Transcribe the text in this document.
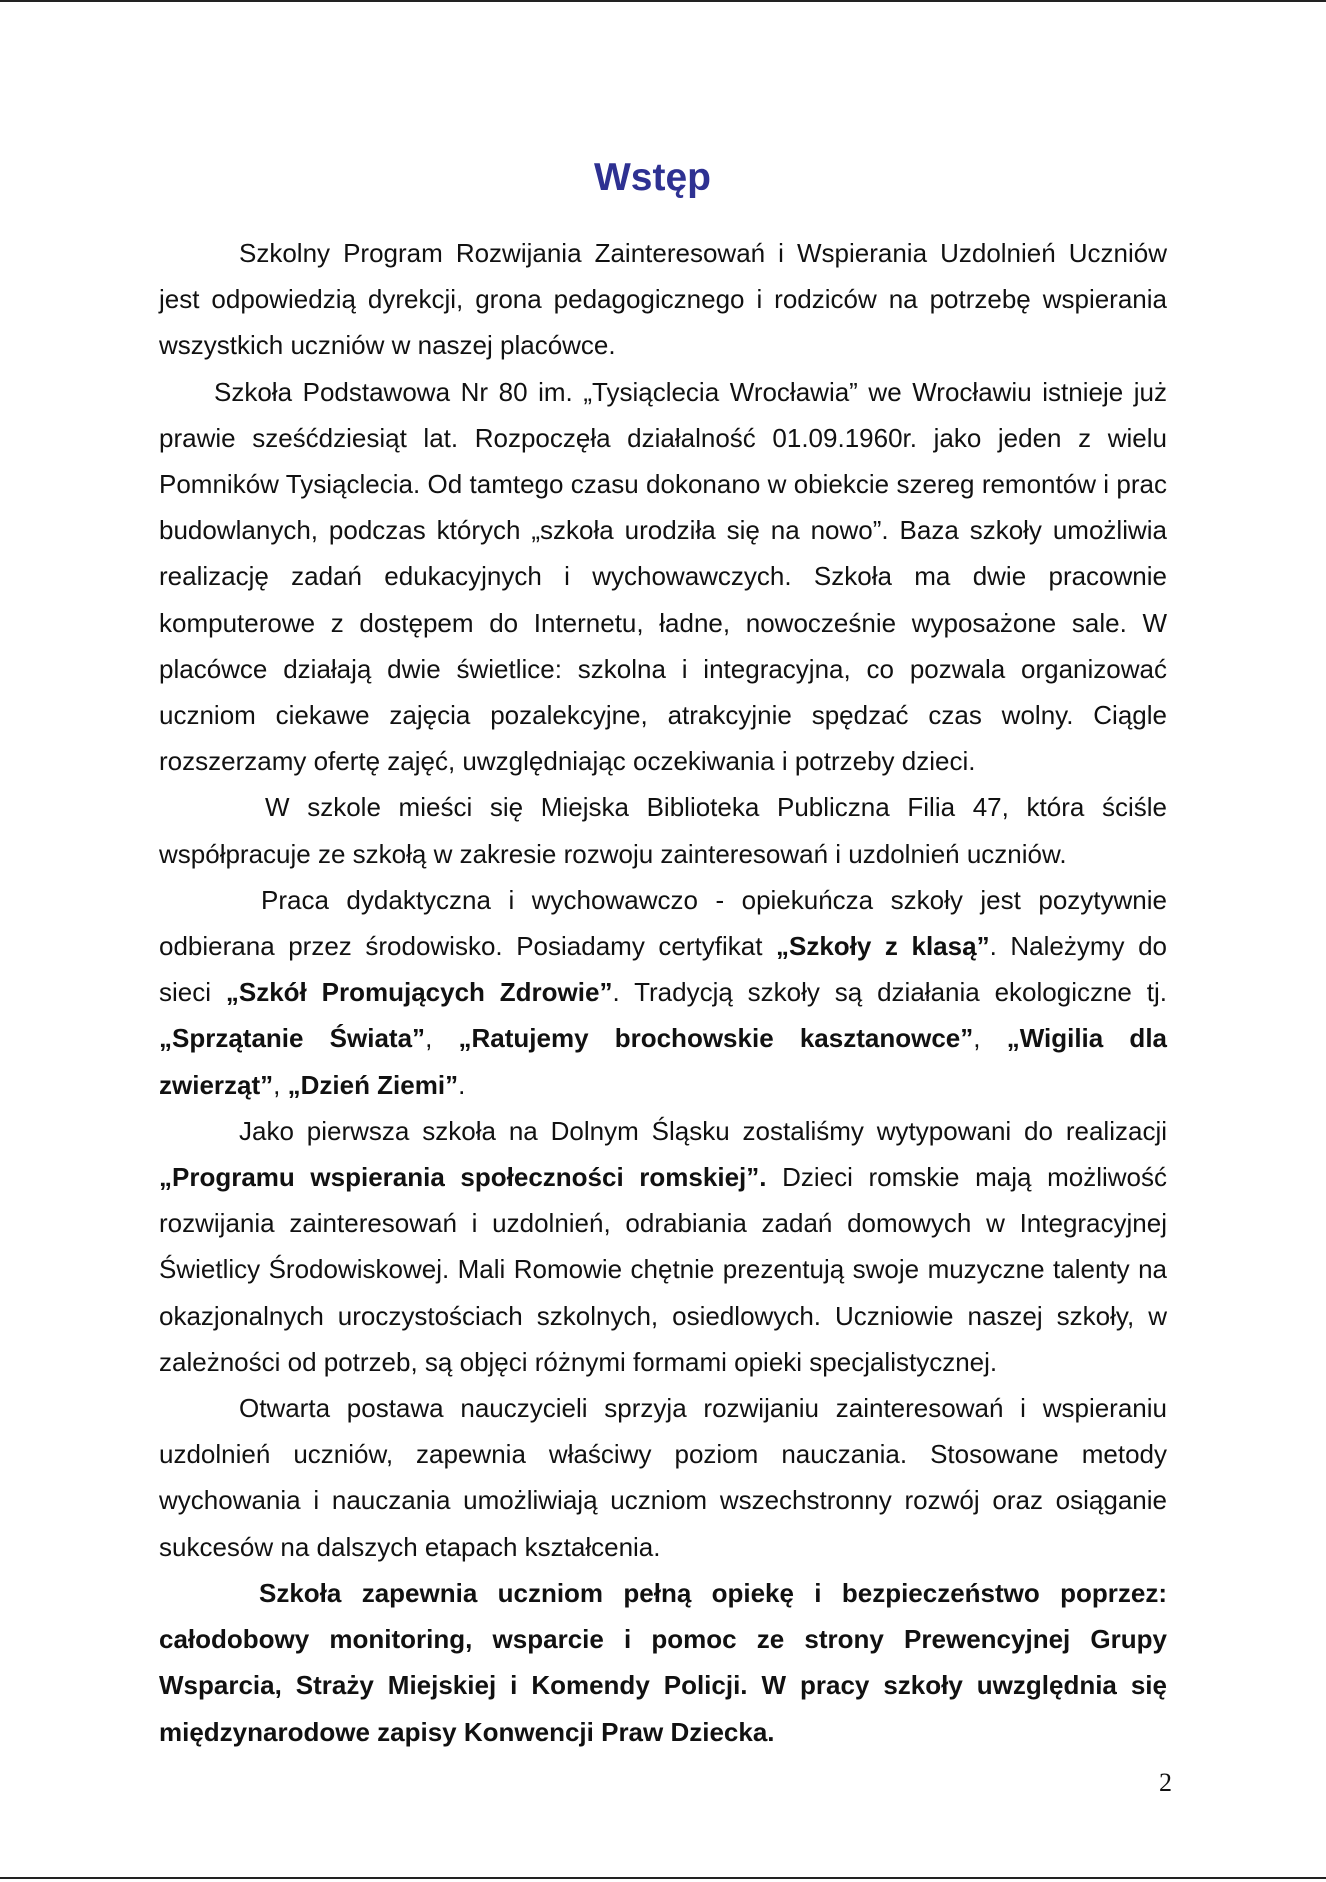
Wstęp

Szkolny Program Rozwijania Zainteresowań i Wspierania Uzdolnień Uczniów jest odpowiedzią dyrekcji, grona pedagogicznego i rodziców na potrzebę wspierania wszystkich uczniów w naszej placówce.

Szkoła Podstawowa Nr 80 im. „Tysiąclecia Wrocławia” we Wrocławiu istnieje już prawie sześćdziesiąt lat. Rozpoczęła działalność 01.09.1960r. jako jeden z wielu Pomników Tysiąclecia. Od tamtego czasu dokonano w obiekcie szereg remontów i prac budowlanych, podczas których „szkoła urodziła się na nowo”. Baza szkoły umożliwia realizację zadań edukacyjnych i wychowawczych. Szkoła ma dwie pracownie komputerowe z dostępem do Internetu, ładne, nowocześnie wyposażone sale. W placówce działają dwie świetlice: szkolna i integracyjna, co pozwala organizować uczniom ciekawe zajęcia pozalekcyjne, atrakcyjnie spędzać czas wolny. Ciągle rozszerzamy ofertę zajęć, uwzględniając oczekiwania i potrzeby dzieci.

W szkole mieści się Miejska Biblioteka Publiczna Filia 47, która ściśle współpracuje ze szkołą w zakresie rozwoju zainteresowań i uzdolnień uczniów.

Praca dydaktyczna i wychowawczo - opiekuńcza szkoły jest pozytywnie odbierana przez środowisko. Posiadamy certyfikat „Szkoły z klasą”. Należymy do sieci „Szkół Promujących Zdrowie”. Tradycją szkoły są działania ekologiczne tj. „Sprzątanie Świata”, „Ratujemy brochowskie kasztanowce”, „Wigilia dla zwierząt”, „Dzień Ziemi”.

Jako pierwsza szkoła na Dolnym Śląsku zostaliśmy wytypowani do realizacji „Programu wspierania społeczności romskiej”. Dzieci romskie mają możliwość rozwijania zainteresowań i uzdolnień, odrabiania zadań domowych w Integracyjnej Świetlicy Środowiskowej. Mali Romowie chętnie prezentują swoje muzyczne talenty na okazjonalnych uroczystościach szkolnych, osiedlowych. Uczniowie naszej szkoły, w zależności od potrzeb, są objęci różnymi formami opieki specjalistycznej.

Otwarta postawa nauczycieli sprzyja rozwijaniu zainteresowań i wspieraniu uzdolnień uczniów, zapewnia właściwy poziom nauczania. Stosowane metody wychowania i nauczania umożliwiają uczniom wszechstronny rozwój oraz osiąganie sukcesów na dalszych etapach kształcenia.

Szkoła zapewnia uczniom pełną opiekę i bezpieczeństwo poprzez: całodobowy monitoring, wsparcie i pomoc ze strony Prewencyjnej Grupy Wsparcia, Straży Miejskiej i Komendy Policji. W pracy szkoły uwzględnia się międzynarodowe zapisy Konwencji Praw Dziecka.

2
